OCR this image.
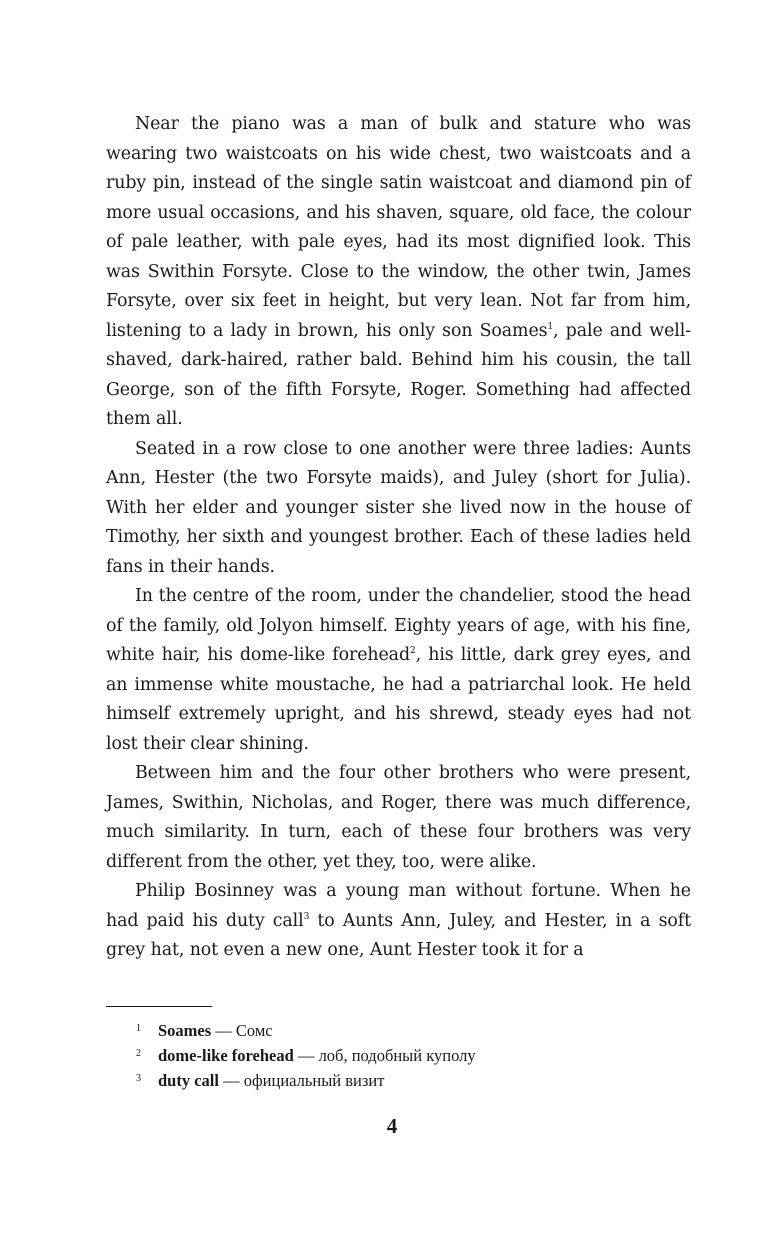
Near the piano was a man of bulk and stature who was wearing two waistcoats on his wide chest, two waistcoats and a ruby pin, instead of the single satin waistcoat and diamond pin of more usual occasions, and his shaven, square, old face, the colour of pale leather, with pale eyes, had its most dignified look. This was Swithin Forsyte. Close to the window, the other twin, James Forsyte, over six feet in height, but very lean. Not far from him, listening to a lady in brown, his only son Soames$^1$, pale and well-shaved, dark-haired, rather bald. Behind him his cousin, the tall George, son of the fifth Forsyte, Roger. Something had affected them all.

Seated in a row close to one another were three ladies: Aunts Ann, Hester (the two Forsyte maids), and Juley (short for Julia). With her elder and younger sister she lived now in the house of Timothy, her sixth and youngest brother. Each of these ladies held fans in their hands.

In the centre of the room, under the chandelier, stood the head of the family, old Jolyon himself. Eighty years of age, with his fine, white hair, his dome-like forehead$^2$, his little, dark grey eyes, and an immense white moustache, he had a patriarchal look. He held himself extremely upright, and his shrewd, steady eyes had not lost their clear shining.

Between him and the four other brothers who were present, James, Swithin, Nicholas, and Roger, there was much difference, much similarity. In turn, each of these four brothers was very different from the other, yet they, too, were alike.

Philip Bosinney was a young man without fortune. When he had paid his duty call$^3$ to Aunts Ann, Juley, and Hester, in a soft grey hat, not even a new one, Aunt Hester took it for a

1 Soames — Сомс
2 dome-like forehead — лоб, подобный куполу
3 duty call — официальный визит
4
